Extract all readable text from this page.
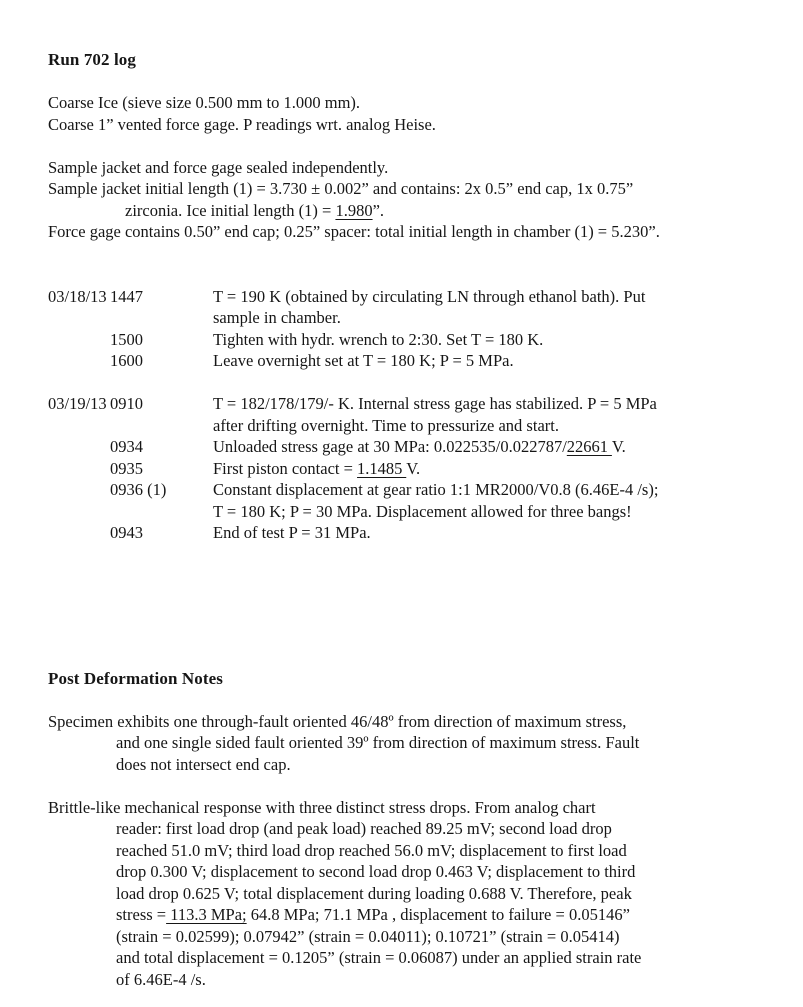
Run 702 log
Coarse Ice (sieve size 0.500 mm to 1.000 mm).
Coarse 1” vented force gage. P readings wrt. analog Heise.
Sample jacket and force gage sealed independently.
Sample jacket initial length (1) = 3.730 ± 0.002” and contains: 2x 0.5” end cap, 1x 0.75”
zirconia. Ice initial length (1) = 1.980”.
Force gage contains 0.50” end cap; 0.25” spacer: total initial length in chamber (1) = 5.230”.
03/18/13 1447	T = 190 K (obtained by circulating LN through ethanol bath). Put
sample in chamber.
1500	Tighten with hydr. wrench to 2:30. Set T = 180 K.
1600	Leave overnight set at T = 180 K; P = 5 MPa.
03/19/13 0910	T = 182/178/179/- K. Internal stress gage has stabilized. P = 5 MPa
after drifting overnight. Time to pressurize and start.
0934	Unloaded stress gage at 30 MPa: 0.022535/0.022787/22661 V.
0935	First piston contact = 1.1485 V.
0936 (1)	Constant displacement at gear ratio 1:1 MR2000/V0.8 (6.46E-4 /s);
T = 180 K; P = 30 MPa. Displacement allowed for three bangs!
0943	End of test P = 31 MPa.
Post Deformation Notes
Specimen exhibits one through-fault oriented 46/48º from direction of maximum stress,
and one single sided fault oriented 39º from direction of maximum stress. Fault
does not intersect end cap.
Brittle-like mechanical response with three distinct stress drops. From analog chart
reader: first load drop (and peak load) reached 89.25 mV; second load drop
reached 51.0 mV; third load drop reached 56.0 mV; displacement to first load
drop 0.300 V; displacement to second load drop 0.463 V; displacement to third
load drop 0.625 V; total displacement during loading 0.688 V. Therefore, peak
stress = 113.3 MPa; 64.8 MPa; 71.1 MPa , displacement to failure = 0.05146”
(strain = 0.02599); 0.07942” (strain = 0.04011); 0.10721” (strain = 0.05414)
and total displacement = 0.1205” (strain = 0.06087) under an applied strain rate
of 6.46E-4 /s.
